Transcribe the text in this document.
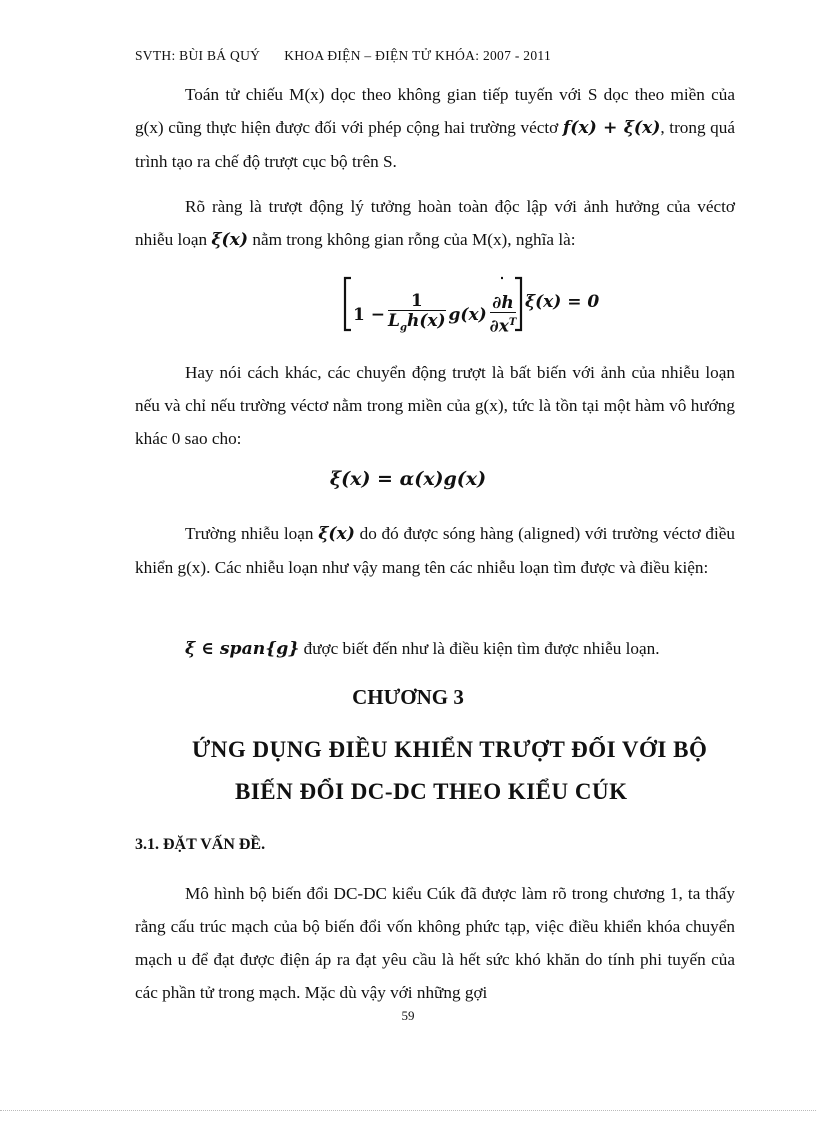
SVTH: BÙI BÁ QUÝ KHOA ĐIỆN – ĐIỆN TỬ KHÓA: 2007 - 2011
Toán tử chiếu M(x) dọc theo không gian tiếp tuyến với S dọc theo miền của g(x) cũng thực hiện được đối với phép cộng hai trường véctơ f(x) + ξ(x), trong quá trình tạo ra chế độ trượt cục bộ trên S.
Rõ ràng là trượt động lý tưởng hoàn toàn độc lập với ảnh hưởng của véctơ nhiễu loạn ξ(x) nằm trong không gian rỗng của M(x), nghĩa là:
$1 - \frac{1}{L_gh(x)} g(x) \frac{\partial h}{\partial x^T} \xi(x) = 0$
Hay nói cách khác, các chuyển động trượt là bất biến với ảnh của nhiễu loạn nếu và chỉ nếu trường véctơ nằm trong miền của g(x), tức là tồn tại một hàm vô hướng khác 0 sao cho:
ξ(x) = α(x)g(x)
Trường nhiễu loạn ξ(x) do đó được sóng hàng (aligned) với trường véctơ điều khiển g(x). Các nhiễu loạn như vậy mang tên các nhiễu loạn tìm được và điều kiện:
ξ ∈ span{g} được biết đến như là điều kiện tìm được nhiễu loạn.
CHƯƠNG 3
ỨNG DỤNG ĐIỀU KHIỂN TRƯỢT ĐỐI VỚI BỘ
BIẾN ĐỔI DC-DC THEO KIỂU CÚK
3.1. ĐẶT VẤN ĐỀ.
Mô hình bộ biến đổi DC-DC kiểu Cúk đã được làm rõ trong chương 1, ta thấy rằng cấu trúc mạch của bộ biến đổi vốn không phức tạp, việc điều khiển khóa chuyển mạch u để đạt được điện áp ra đạt yêu cầu là hết sức khó khăn do tính phi tuyến của các phần tử trong mạch. Mặc dù vậy với những gợi
59
